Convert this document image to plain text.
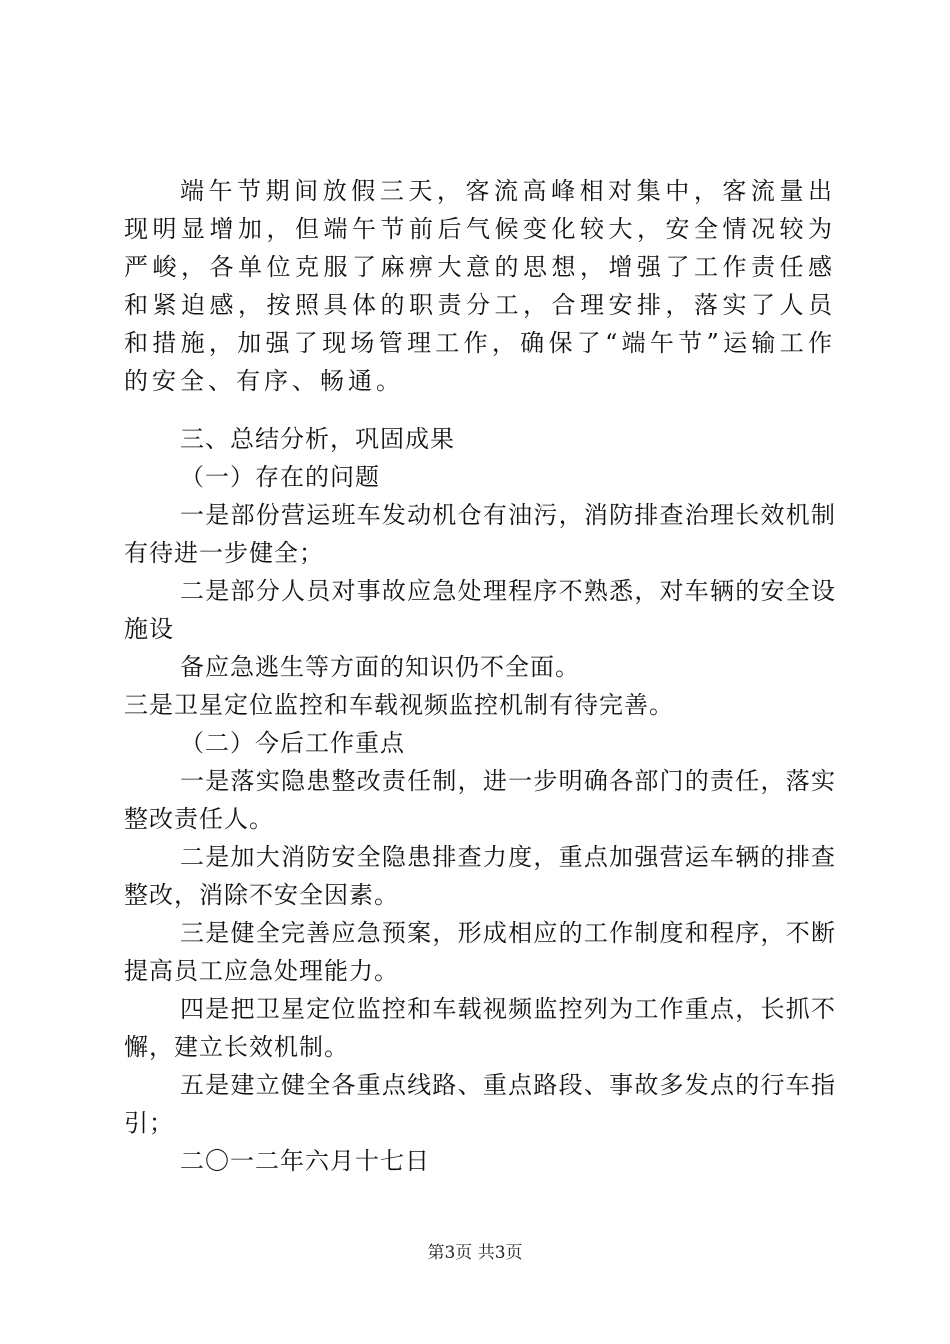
端午节期间放假三天，客流高峰相对集中，客流量出现明显增加，但端午节前后气候变化较大，安全情况较为严峻，各单位克服了麻痹大意的思想，增强了工作责任感和紧迫感，按照具体的职责分工，合理安排，落实了人员和措施，加强了现场管理工作，确保了“端午节”运输工作的安全、有序、畅通。

三、总结分析，巩固成果

（一）存在的问题

一是部份营运班车发动机仓有油污，消防排查治理长效机制有待进一步健全；

二是部分人员对事故应急处理程序不熟悉，对车辆的安全设施设

备应急逃生等方面的知识仍不全面。

三是卫星定位监控和车载视频监控机制有待完善。

（二）今后工作重点

一是落实隐患整改责任制，进一步明确各部门的责任，落实整改责任人。

二是加大消防安全隐患排查力度，重点加强营运车辆的排查整改，消除不安全因素。

三是健全完善应急预案，形成相应的工作制度和程序，不断提高员工应急处理能力。

四是把卫星定位监控和车载视频监控列为工作重点，长抓不懈，建立长效机制。

五是建立健全各重点线路、重点路段、事故多发点的行车指引；

二〇一二年六月十七日

第3页 共3页
